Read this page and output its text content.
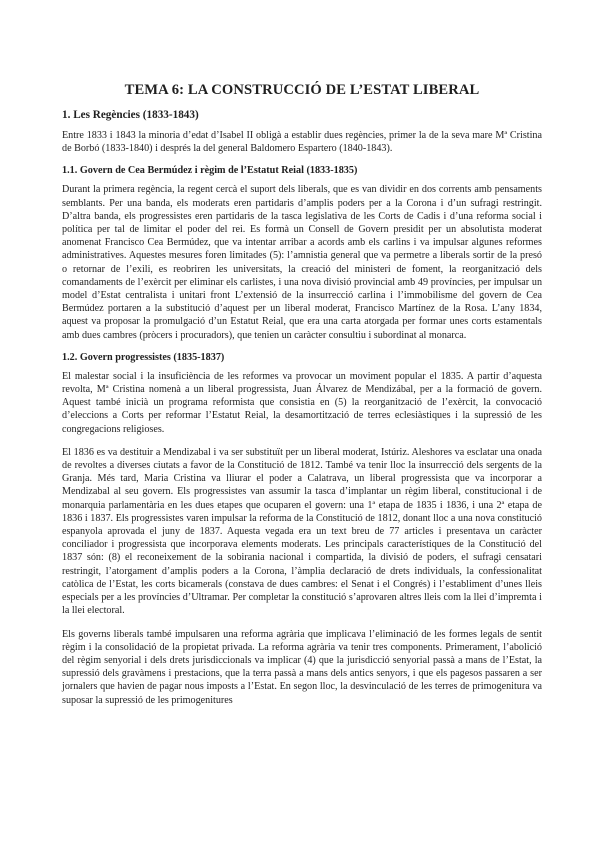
TEMA 6: LA CONSTRUCCIÓ DE L’ESTAT LIBERAL
1. Les Regències (1833-1843)

Entre 1833 i 1843 la minoria d’edat d’Isabel II obligà a establir dues regències, primer la de la seva mare Mª Cristina de Borbó (1833-1840) i després la del general Baldomero Espartero (1840-1843).

1.1. Govern de Cea Bermúdez i règim de l’Estatut Reial (1833-1835)

Durant la primera regència, la regent cercà el suport dels liberals, que es van dividir en dos corrents amb pensaments semblants. Per una banda, els moderats eren partidaris d’amplis poders per a la Corona i d’un sufragi restringit. D’altra banda, els progressistes eren partidaris de la tasca legislativa de les Corts de Cadis i d’una reforma social i política per tal de limitar el poder del rei. Es formà un Consell de Govern presidit per un absolutista moderat anomenat Francisco Cea Bermúdez, que va intentar arribar a acords amb els carlins i va impulsar algunes reformes administratives. Aquestes mesures foren limitades (5): l’amnistia general que va permetre a liberals sortir de la presó o retornar de l’exili, es reobriren les universitats, la creació del ministeri de foment, la reorganització dels comandaments de l’exèrcit per eliminar els carlistes, i una nova divisió provincial amb 49 províncies, per impulsar un model d’Estat centralista i unitari front L’extensió de la insurrecció carlina i l’immobilisme del govern de Cea Bermúdez portaren a la substitució d’aquest per un liberal moderat, Francisco Martínez de la Rosa. L’any 1834, aquest va proposar la promulgació d’un Estatut Reial, que era una carta atorgada per formar unes corts estamentals amb dues cambres (pròcers i procuradors), que tenien un caràcter consultiu i subordinat al monarca.

1.2. Govern progressistes (1835-1837)

El malestar social i la insuficiència de les reformes va provocar un moviment popular el 1835. A partir d’aquesta revolta, Mª Cristina nomenà a un liberal progressista, Juan Álvarez de Mendizábal, per a la formació de govern. Aquest també inicià un programa reformista que consistia en (5) la reorganització de l’exèrcit, la convocació d’eleccions a Corts per reformar l’Estatut Reial, la desamortització de terres eclesiàstiques i la supressió de les congregacions religioses.

El 1836 es va destituir a Mendizabal i va ser substituït per un liberal moderat, Istúriz. Aleshores va esclatar una onada de revoltes a diverses ciutats a favor de la Constitució de 1812. També va tenir lloc la insurrecció dels sergents de la Granja. Més tard, Maria Cristina va lliurar el poder a Calatrava, un liberal progressista que va incorporar a Mendizabal al seu govern. Els progressistes van assumir la tasca d’implantar un règim liberal, constitucional i de monarquia parlamentària en les dues etapes que ocuparen el govern: una 1ª etapa de 1835 i 1836, i una 2ª etapa de 1836 i 1837. Els progressistes varen impulsar la reforma de la Constitució de 1812, donant lloc a una nova constitució espanyola aprovada el juny de 1837. Aquesta vegada era un text breu de 77 articles i presentava un caràcter conciliador i progressista que incorporava elements moderats. Les principals característiques de la Constitució del 1837 són: (8) el reconeixement de la sobirania nacional i compartida, la divisió de poders, el sufragi censatari restringit, l’atorgament d’amplis poders a la Corona, l’àmplia declaració de drets individuals, la confessionalitat catòlica de l’Estat, les corts bicamerals (constava de dues cambres: el Senat i el Congrés) i l’establiment d’unes lleis especials per a les províncies d’Ultramar. Per completar la constitució s’aprovaren altres lleis com la llei d’impremta i la llei electoral.

Els governs liberals també impulsaren una reforma agrària que implicava l’eliminació de les formes legals de sentit règim i la consolidació de la propietat privada. La reforma agrària va tenir tres components. Primerament, l’abolició del règim senyorial i dels drets jurisdiccionals va implicar (4) que la jurisdicció senyorial passà a mans de l’Estat, la supressió dels gravàmens i prestacions, que la terra passà a mans dels antics senyors, i que els pagesos passaren a ser jornalers que havien de pagar nous imposts a l’Estat. En segon lloc, la desvinculació de les terres de primogenitura va suposar la supressió de les primogenitures
